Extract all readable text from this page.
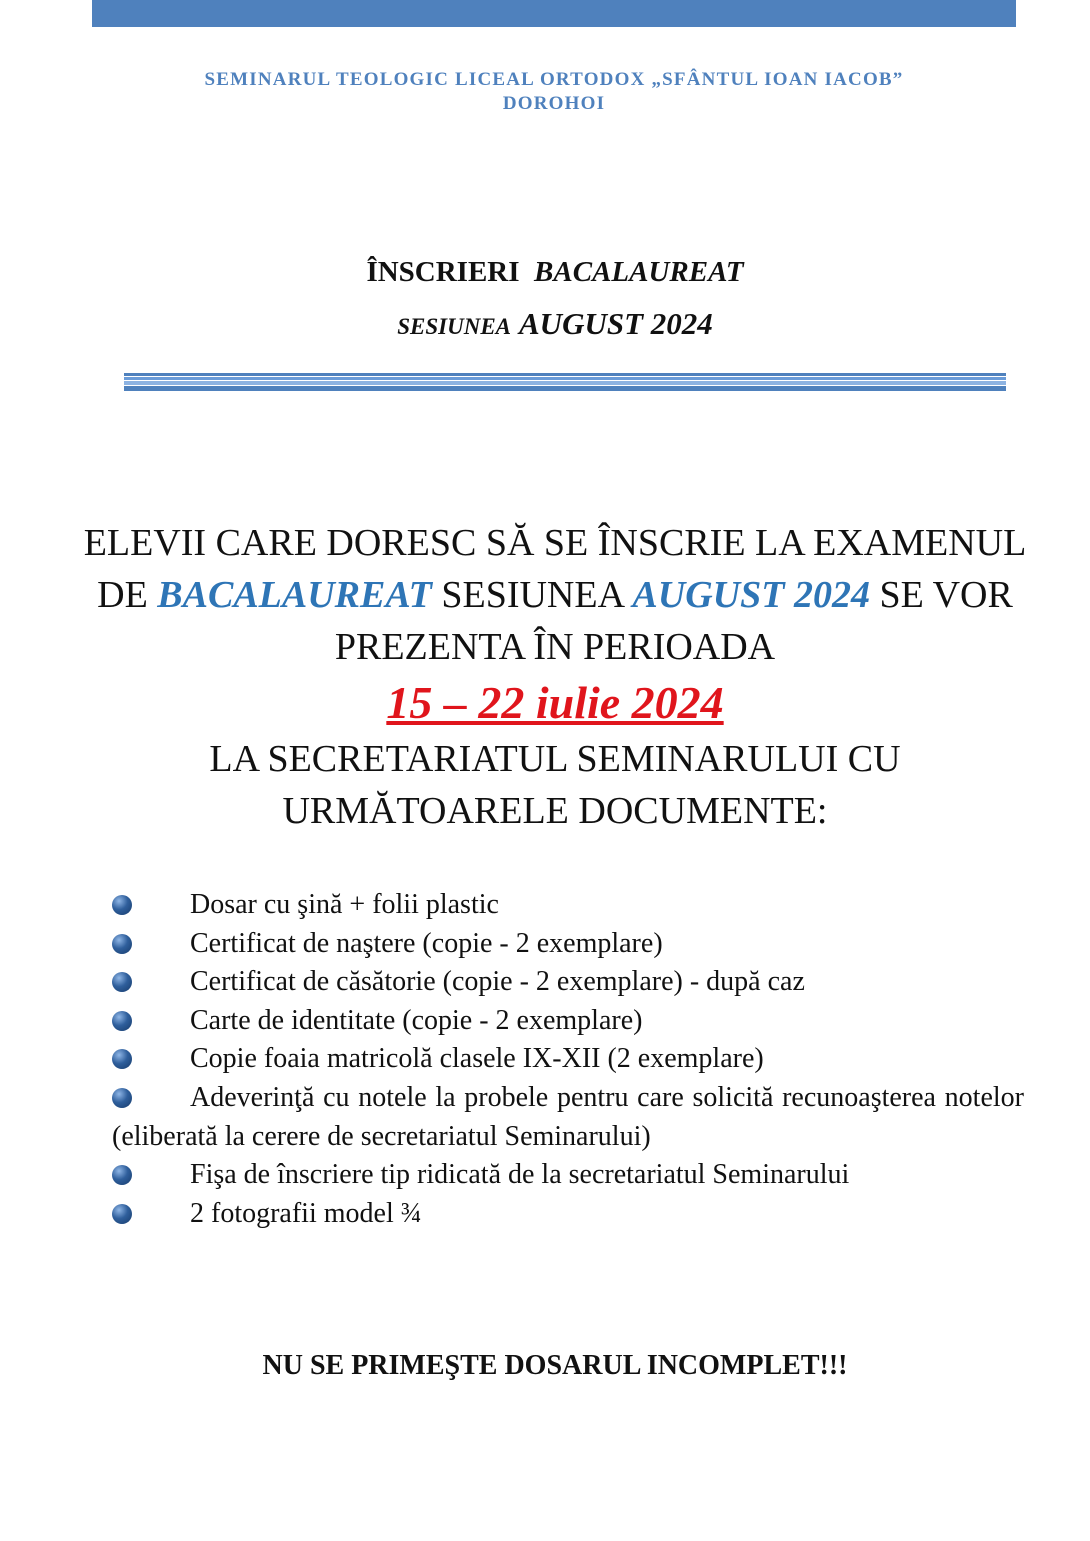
SEMINARUL TEOLOGIC LICEAL ORTODOX „SFÂNTUL IOAN IACOB”
DOROHOI
ÎNSCRIERI BACALAUREAT
SESIUNEA AUGUST 2024
ELEVII CARE DORESC SĂ SE ÎNSCRIE LA EXAMENUL DE BACALAUREAT SESIUNEA AUGUST 2024 SE VOR PREZENTA ÎN PERIOADA
15 – 22 iulie 2024
LA SECRETARIATUL SEMINARULUI CU URMĂTOARELE DOCUMENTE:
Dosar cu şină + folii plastic
Certificat de naştere (copie - 2 exemplare)
Certificat de căsătorie (copie - 2 exemplare) - după caz
Carte de identitate (copie - 2 exemplare)
Copie foaia matricolă clasele IX-XII (2 exemplare)
Adeverinţă cu notele la probele pentru care solicită recunoaşterea notelor (eliberată la cerere de secretariatul Seminarului)
Fişa de înscriere tip ridicată de la secretariatul Seminarului
2 fotografii model ¾
NU SE PRIMEŞTE DOSARUL INCOMPLET!!!
